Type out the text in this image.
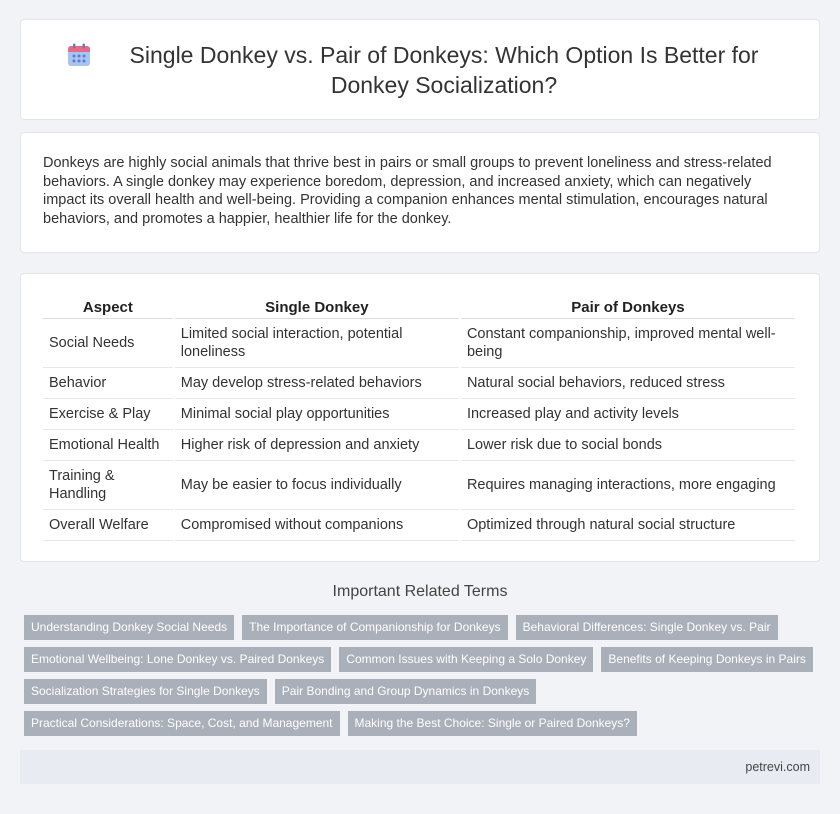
Single Donkey vs. Pair of Donkeys: Which Option Is Better for Donkey Socialization?

Donkeys are highly social animals that thrive best in pairs or small groups to prevent loneliness and stress-related behaviors. A single donkey may experience boredom, depression, and increased anxiety, which can negatively impact its overall health and well-being. Providing a companion enhances mental stimulation, encourages natural behaviors, and promotes a happier, healthier life for the donkey.

Aspect	Single Donkey	Pair of Donkeys
Social Needs	Limited social interaction, potential loneliness	Constant companionship, improved mental well-being
Behavior	May develop stress-related behaviors	Natural social behaviors, reduced stress
Exercise & Play	Minimal social play opportunities	Increased play and activity levels
Emotional Health	Higher risk of depression and anxiety	Lower risk due to social bonds
Training & Handling	May be easier to focus individually	Requires managing interactions, more engaging
Overall Welfare	Compromised without companions	Optimized through natural social structure
Important Related Terms
Understanding Donkey Social Needs	The Importance of Companionship for Donkeys	Behavioral Differences: Single Donkey vs. Pair
Emotional Wellbeing: Lone Donkey vs. Paired Donkeys	Common Issues with Keeping a Solo Donkey	Benefits of Keeping Donkeys in Pairs
Socialization Strategies for Single Donkeys	Pair Bonding and Group Dynamics in Donkeys
Practical Considerations: Space, Cost, and Management	Making the Best Choice: Single or Paired Donkeys?
petrevi.com
